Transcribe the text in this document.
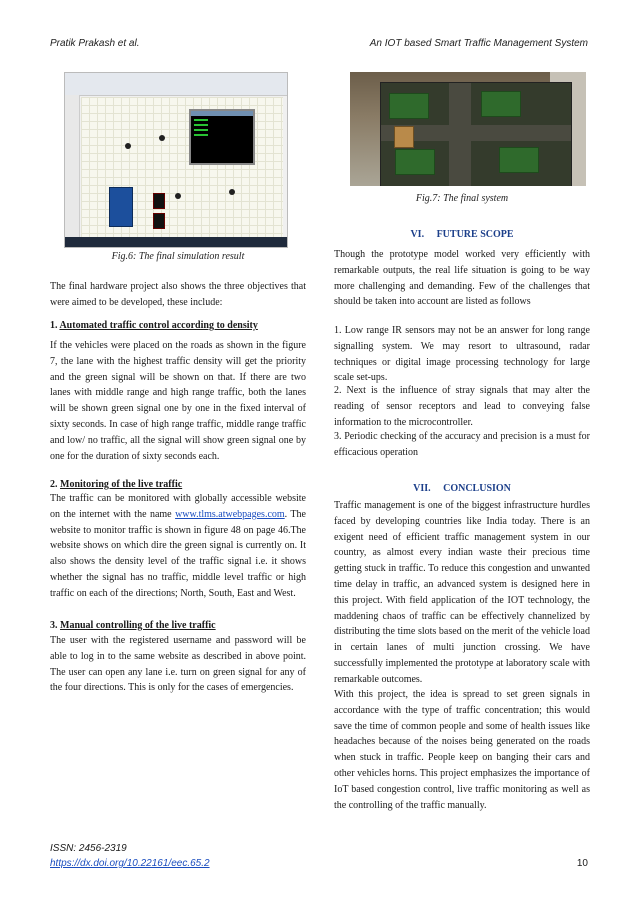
Pratik Prakash et al.	An IOT based Smart Traffic Management System
Fig.6: The final simulation result
The final hardware project also shows the three objectives that were aimed to be developed, these include:
1. Automated traffic control according to density
If the vehicles were placed on the roads as shown in the figure 7, the lane with the highest traffic density will get the priority and the green signal will be shown on that. If there are two lanes with middle range and high range traffic, both the lanes will be shown green signal one by one in the fixed interval of sixty seconds. In case of high range traffic, middle range traffic and low/ no traffic, all the signal will show green signal one by one for the duration of sixty seconds each.
2. Monitoring of the live traffic
The traffic can be monitored with globally accessible website on the internet with the name www.tlms.atwebpages.com. The website to monitor traffic is shown in figure 48 on page 46.The website shows on which dire the green signal is currently on. It also shows the density level of the traffic signal i.e. it shows whether the signal has no traffic, middle level traffic or high traffic on each of the directions; North, South, East and West.
3. Manual controlling of the live traffic
The user with the registered username and password will be able to log in to the same website as described in above point. The user can open any lane i.e. turn on green signal for any of the four directions. This is only for the cases of emergencies.
Fig.7: The final system
VI. FUTURE SCOPE
Though the prototype model worked very efficiently with remarkable outputs, the real life situation is going to be way more challenging and demanding. Few of the challenges that should be taken into account are listed as follows
1. Low range IR sensors may not be an answer for long range signalling system. We may resort to ultrasound, radar techniques or digital image processing technology for large scale set-ups.
2. Next is the influence of stray signals that may alter the reading of sensor receptors and lead to conveying false information to the microcontroller.
3. Periodic checking of the accuracy and precision is a must for efficacious operation
VII. CONCLUSION
Traffic management is one of the biggest infrastructure hurdles faced by developing countries like India today. There is an exigent need of efficient traffic management system in our country, as almost every indian waste their precious time getting stuck in traffic. To reduce this congestion and unwanted time delay in traffic, an advanced system is designed here in this project. With field application of the IOT technology, the maddening chaos of traffic can be effectively channelized by distributing the time slots based on the merit of the vehicle load in certain lanes of multi junction crossing. We have successfully implemented the prototype at laboratory scale with remarkable outcomes.
With this project, the idea is spread to set green signals in accordance with the type of traffic concentration; this would save the time of common people and some of health issues like headaches because of the noises being generated on the roads when stuck in traffic. People keep on banging their cars and other vehicles horns. This project emphasizes the importance of IoT based congestion control, live traffic monitoring as well as the controlling of the traffic manually.
ISSN: 2456-2319
https://dx.doi.org/10.22161/eec.65.2	10
